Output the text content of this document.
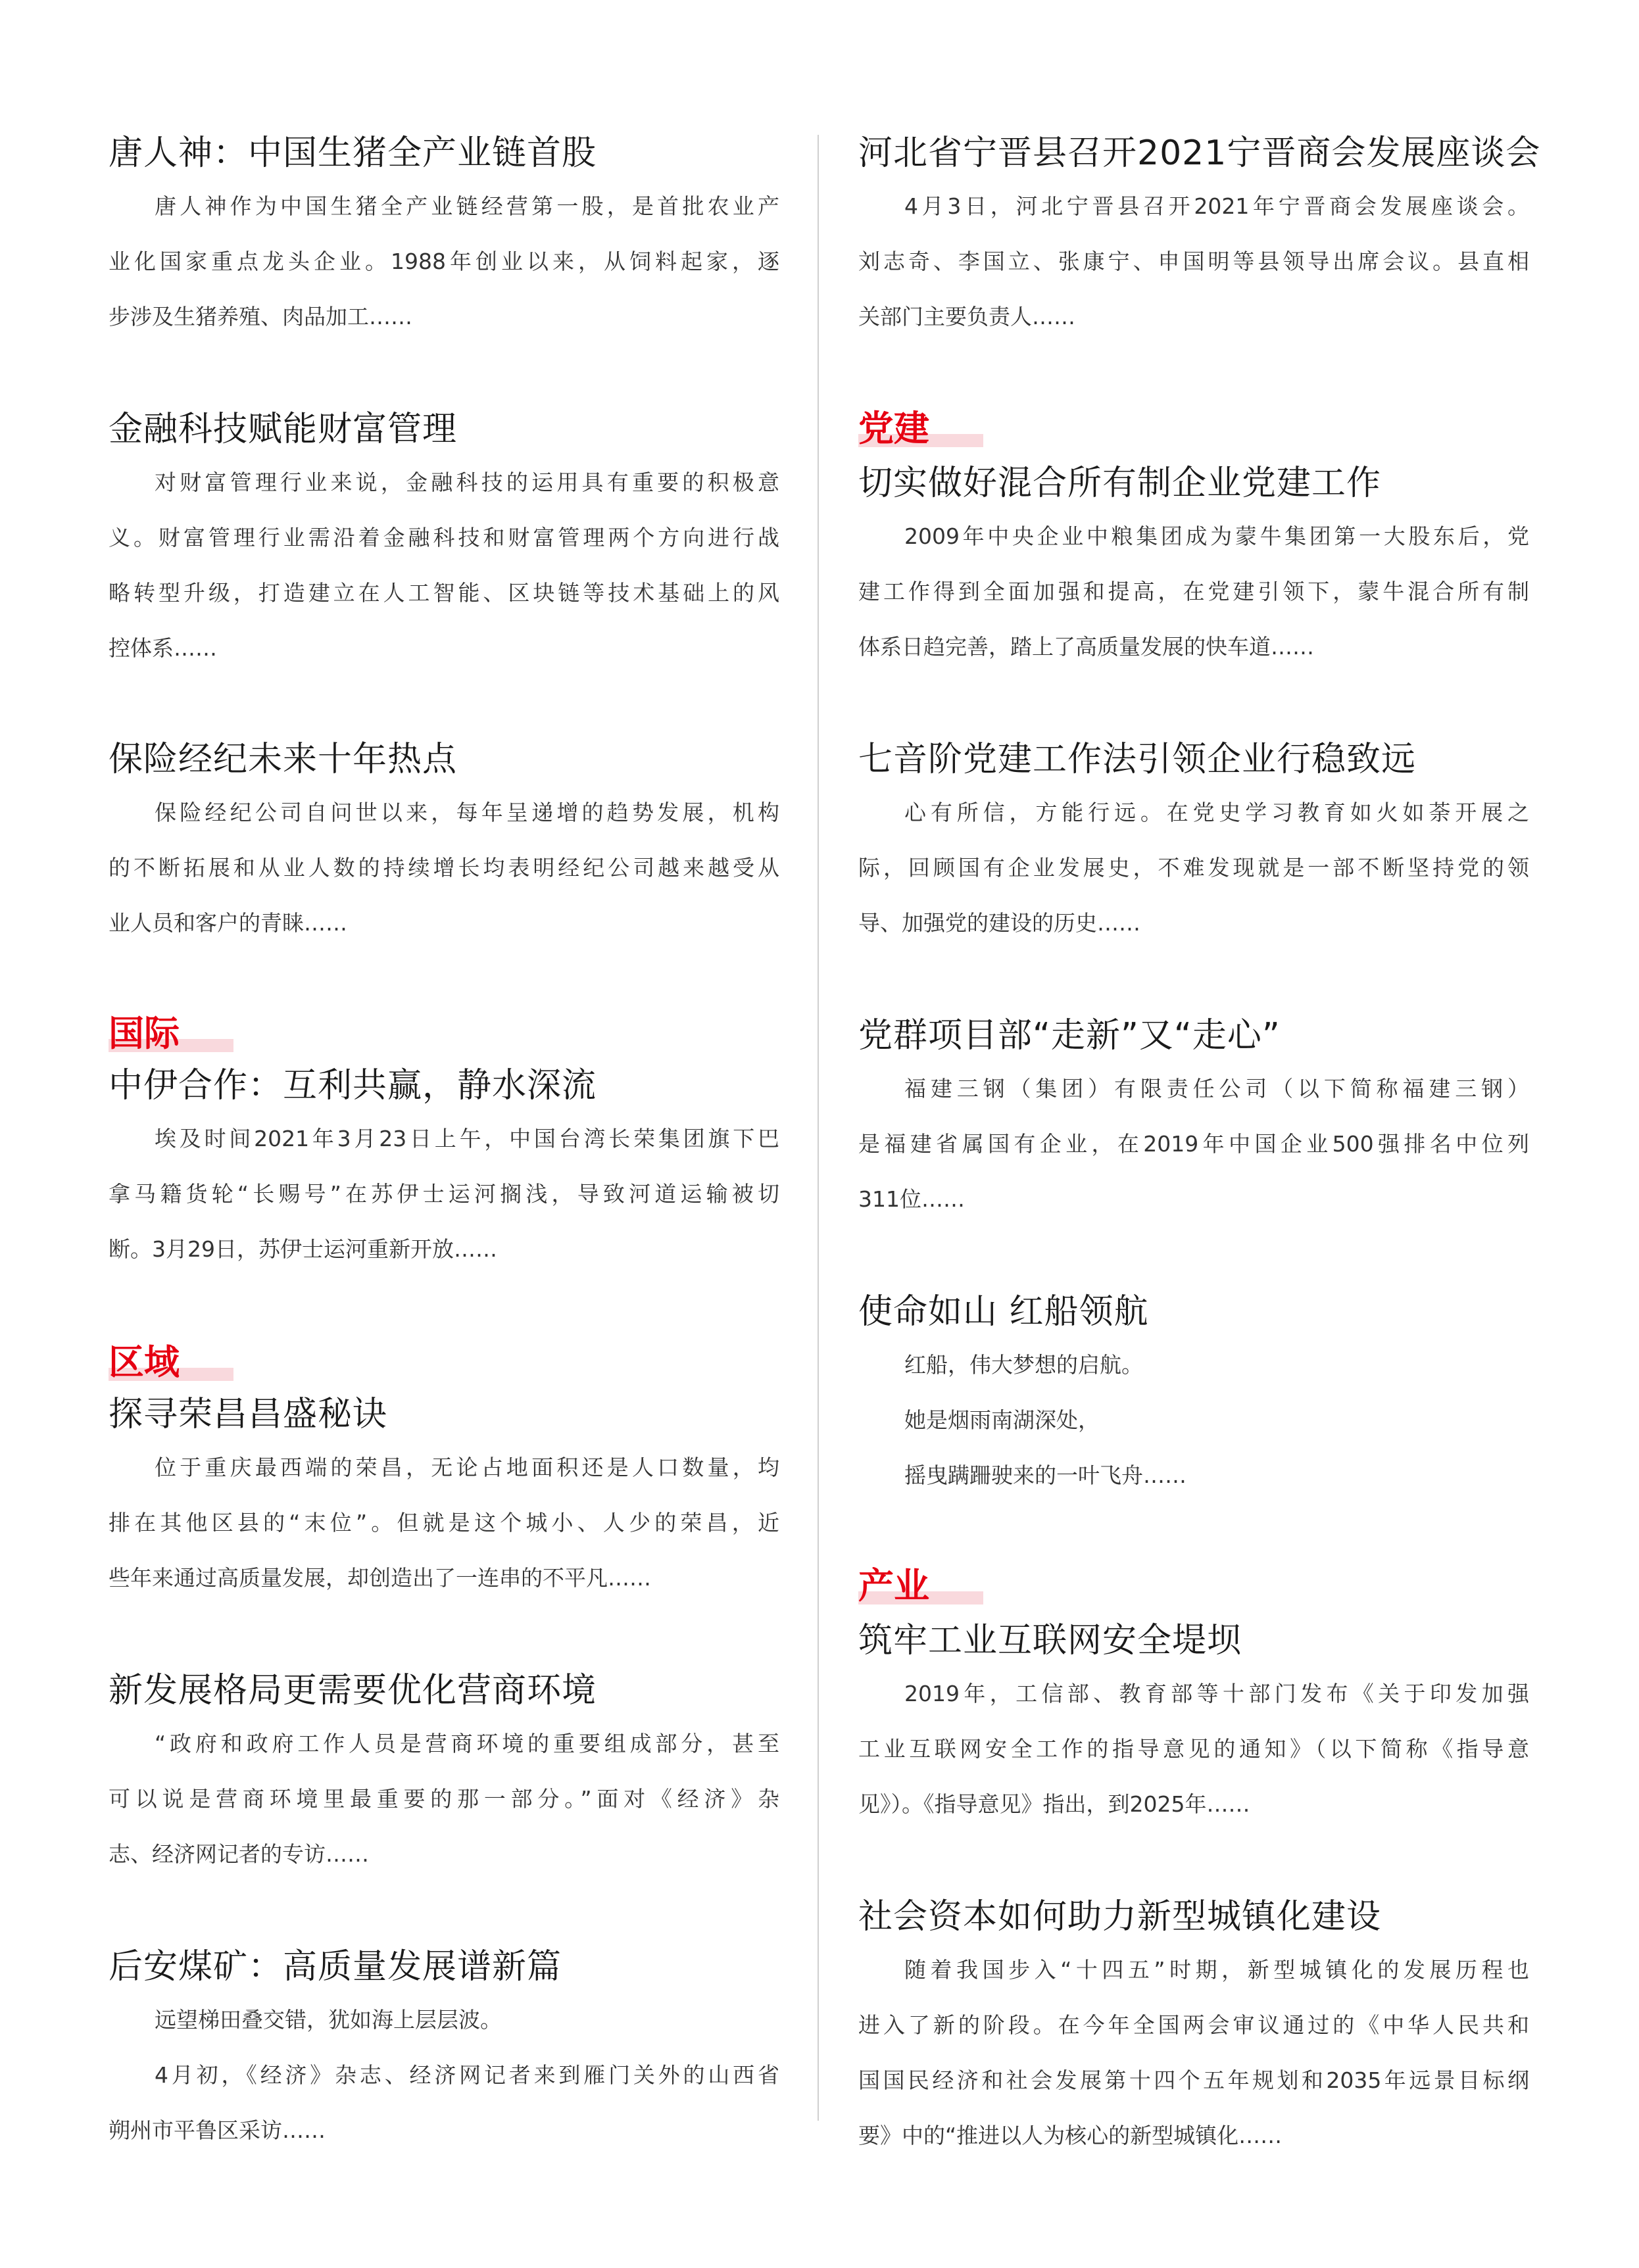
唐人神：中国生猪全产业链首股

唐人神作为中国生猪全产业链经营第一股，是首批农业产

业化国家重点龙头企业。1988年创业以来，从饲料起家，逐

步涉及生猪养殖、肉品加工……

金融科技赋能财富管理

对财富管理行业来说，金融科技的运用具有重要的积极意

义。财富管理行业需沿着金融科技和财富管理两个方向进行战

略转型升级，打造建立在人工智能、区块链等技术基础上的风

控体系……

保险经纪未来十年热点

保险经纪公司自问世以来，每年呈递增的趋势发展，机构

的不断拓展和从业人数的持续增长均表明经纪公司越来越受从

业人员和客户的青睐……

国际
中伊合作：互利共赢，静水深流

埃及时间2021年3月23日上午，中国台湾长荣集团旗下巴

拿马籍货轮“长赐号”在苏伊士运河搁浅，导致河道运输被切

断。3月29日，苏伊士运河重新开放……

区域
探寻荣昌昌盛秘诀

位于重庆最西端的荣昌，无论占地面积还是人口数量，均

排在其他区县的“末位”。但就是这个城小、人少的荣昌，近

些年来通过高质量发展，却创造出了一连串的不平凡……

新发展格局更需要优化营商环境

“政府和政府工作人员是营商环境的重要组成部分，甚至

可以说是营商环境里最重要的那一部分。”面对《经济》杂

志、经济网记者的专访……

后安煤矿：高质量发展谱新篇

远望梯田叠交错，犹如海上层层波。

4月初，《经济》杂志、经济网记者来到雁门关外的山西省

朔州市平鲁区采访……

河北省宁晋县召开2021宁晋商会发展座谈会

4月3日，河北宁晋县召开2021年宁晋商会发展座谈会。

刘志奇、李国立、张康宁、申国明等县领导出席会议。县直相

关部门主要负责人……

党建
切实做好混合所有制企业党建工作

2009年中央企业中粮集团成为蒙牛集团第一大股东后，党

建工作得到全面加强和提高，在党建引领下，蒙牛混合所有制

体系日趋完善，踏上了高质量发展的快车道……

七音阶党建工作法引领企业行稳致远

心有所信，方能行远。在党史学习教育如火如荼开展之

际，回顾国有企业发展史，不难发现就是一部不断坚持党的领

导、加强党的建设的历史……

党群项目部“走新”又“走心”

福建三钢（集团）有限责任公司（以下简称福建三钢）

是福建省属国有企业，在2019年中国企业500强排名中位列

311位……

使命如山 红船领航

红船，伟大梦想的启航。

她是烟雨南湖深处，

摇曳蹒跚驶来的一叶飞舟……

产业
筑牢工业互联网安全堤坝

2019年，工信部、教育部等十部门发布《关于印发加强

工业互联网安全工作的指导意见的通知》（以下简称《指导意

见》）。《指导意见》指出，到2025年……

社会资本如何助力新型城镇化建设

随着我国步入“十四五”时期，新型城镇化的发展历程也

进入了新的阶段。在今年全国两会审议通过的《中华人民共和

国国民经济和社会发展第十四个五年规划和2035年远景目标纲

要》中的“推进以人为核心的新型城镇化……
